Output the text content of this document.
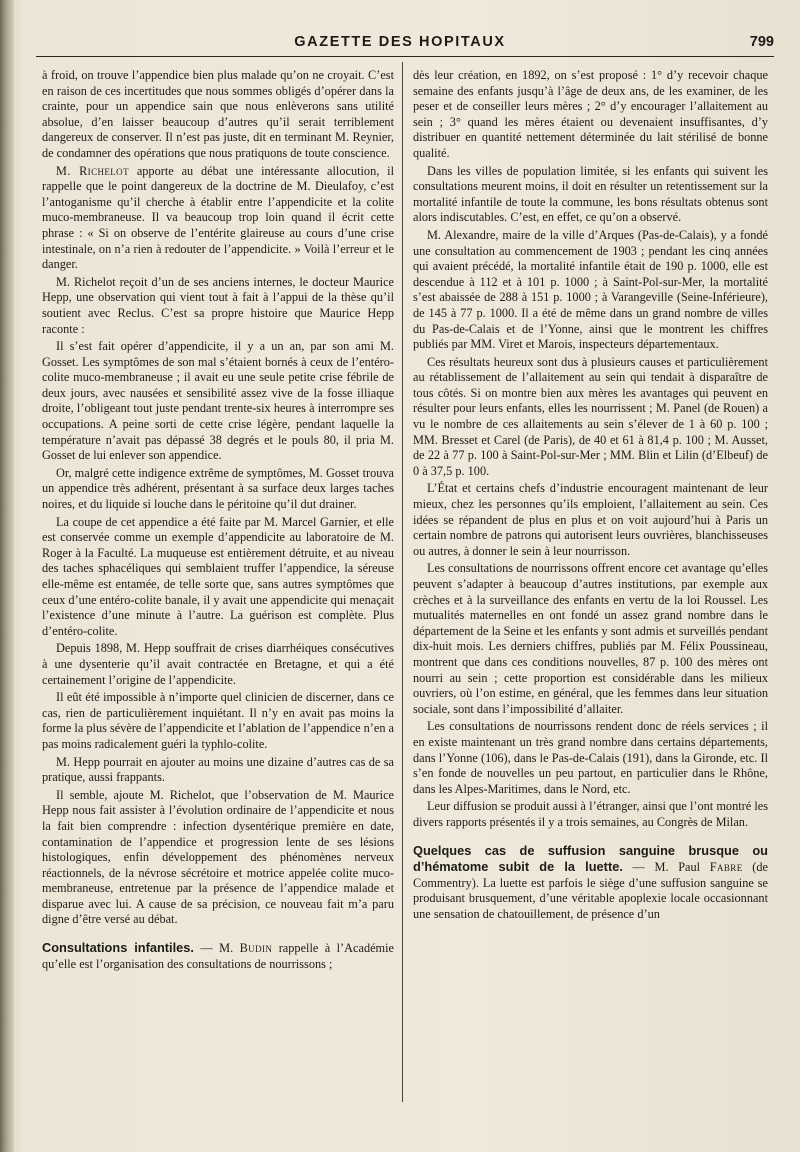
GAZETTE DES HOPITAUX	799

à froid, on trouve l’appendice bien plus malade qu’on ne croyait. C’est en raison de ces incertitudes que nous sommes obligés d’opérer dans la crainte, pour un appendice sain que nous enlèverons sans utilité absolue, d’en laisser beaucoup d’autres qu’il serait terriblement dangereux de conserver. Il n’est pas juste, dit en terminant M. Reynier, de condamner des opérations que nous pratiquons de toute conscience.

M. Richelot apporte au débat une intéressante allocution, il rappelle que le point dangereux de la doctrine de M. Dieulafoy, c’est l’antoganisme qu’il cherche à établir entre l’appendicite et la colite muco-membraneuse. Il va beaucoup trop loin quand il écrit cette phrase : « Si on observe de l’entérite glaireuse au cours d’une crise intestinale, on n’a rien à redouter de l’appendicite. » Voilà l’erreur et le danger.

M. Richelot reçoit d’un de ses anciens internes, le docteur Maurice Hepp, une observation qui vient tout à fait à l’appui de la thèse qu’il soutient avec Reclus. C’est sa propre histoire que Maurice Hepp raconte :

Il s’est fait opérer d’appendicite, il y a un an, par son ami M. Gosset. Les symptômes de son mal s’étaient bornés à ceux de l’entéro-colite muco-membraneuse ; il avait eu une seule petite crise fébrile de deux jours, avec nausées et sensibilité assez vive de la fosse illiaque droite, l’obligeant tout juste pendant trente-six heures à interrompre ses occupations. A peine sorti de cette crise légère, pendant laquelle la température n’avait pas dépassé 38 degrés et le pouls 80, il pria M. Gosset de lui enlever son appendice.

Or, malgré cette indigence extrême de symptômes, M. Gosset trouva un appendice très adhérent, présentant à sa surface deux larges taches noires, et du liquide si louche dans le péritoine qu’il dut drainer.

La coupe de cet appendice a été faite par M. Marcel Garnier, et elle est conservée comme un exemple d’appendicite au laboratoire de M. Roger à la Faculté. La muqueuse est entièrement détruite, et au niveau des taches sphacéliques qui semblaient truffer l’appendice, la séreuse elle-même est entamée, de telle sorte que, sans autres symptômes que ceux d’une entéro-colite banale, il y avait une appendicite qui menaçait l’existence d’une minute à l’autre. La guérison est complète. Plus d’entéro-colite.

Depuis 1898, M. Hepp souffrait de crises diarrhéiques consécutives à une dysenterie qu’il avait contractée en Bretagne, et qui a été certainement l’origine de l’appendicite.

Il eût été impossible à n’importe quel clinicien de discerner, dans ce cas, rien de particulièrement inquiétant. Il n’y en avait pas moins la forme la plus sévère de l’appendicite et l’ablation de l’appendice n’en a pas moins radicalement guéri la typhlo-colite.

M. Hepp pourrait en ajouter au moins une dizaine d’autres cas de sa pratique, aussi frappants.

Il semble, ajoute M. Richelot, que l’observation de M. Maurice Hepp nous fait assister à l’évolution ordinaire de l’appendicite et nous la fait bien comprendre : infection dysentérique première en date, contamination de l’appendice et progression lente de ses lésions histologiques, enfin développement des phénomènes nerveux réactionnels, de la névrose sécrétoire et motrice appelée colite muco-membraneuse, entretenue par la présence de l’appendice malade et disparue avec lui. A cause de sa précision, ce nouveau fait m’a paru digne d’être versé au débat.

Consultations infantiles. — M. Budin rappelle à l’Académie qu’elle est l’organisation des consultations de nourrissons ;

dès leur création, en 1892, on s’est proposé : 1° d’y recevoir chaque semaine des enfants jusqu’à l’âge de deux ans, de les examiner, de les peser et de conseiller leurs mères ; 2° d’y encourager l’allaitement au sein ; 3° quand les mères étaient ou devenaient insuffisantes, d’y distribuer en quantité nettement déterminée du lait stérilisé de bonne qualité.

Dans les villes de population limitée, si les enfants qui suivent les consultations meurent moins, il doit en résulter un retentissement sur la mortalité infantile de toute la commune, les bons résultats obtenus sont alors indiscutables. C’est, en effet, ce qu’on a observé.

M. Alexandre, maire de la ville d’Arques (Pas-de-Calais), y a fondé une consultation au commencement de 1903 ; pendant les cinq années qui avaient précédé, la mortalité infantile était de 190 p. 1000, elle est descendue à 112 et à 101 p. 1000 ; à Saint-Pol-sur-Mer, la mortalité s’est abaissée de 288 à 151 p. 1000 ; à Varangeville (Seine-Inférieure), de 145 à 77 p. 1000. Il a été de même dans un grand nombre de villes du Pas-de-Calais et de l’Yonne, ainsi que le montrent les chiffres publiés par MM. Viret et Marois, inspecteurs départementaux.

Ces résultats heureux sont dus à plusieurs causes et particulièrement au rétablissement de l’allaitement au sein qui tendait à disparaître de tous côtés. Si on montre bien aux mères les avantages qui peuvent en résulter pour leurs enfants, elles les nourrissent ; M. Panel (de Rouen) a vu le nombre de ces allaitements au sein s’élever de 1 à 60 p. 100 ; MM. Bresset et Carel (de Paris), de 40 et 61 à 81,4 p. 100 ; M. Ausset, de 22 à 77 p. 100 à Saint-Pol-sur-Mer ; MM. Blin et Lilin (d’Elbeuf) de 0 à 37,5 p. 100.

L’État et certains chefs d’industrie encouragent maintenant de leur mieux, chez les personnes qu’ils emploient, l’allaitement au sein. Ces idées se répandent de plus en plus et on voit aujourd’hui à Paris un certain nombre de patrons qui autorisent leurs ouvrières, blanchisseuses ou autres, à donner le sein à leur nourrisson.

Les consultations de nourrissons offrent encore cet avantage qu’elles peuvent s’adapter à beaucoup d’autres institutions, par exemple aux crèches et à la surveillance des enfants en vertu de la loi Roussel. Les mutualités maternelles en ont fondé un assez grand nombre dans le département de la Seine et les enfants y sont admis et surveillés pendant dix-huit mois. Les derniers chiffres, publiés par M. Félix Poussineau, montrent que dans ces conditions nouvelles, 87 p. 100 des mères ont nourri au sein ; cette proportion est considérable dans les milieux ouvriers, où l’on estime, en général, que les femmes dans leur situation sociale, sont dans l’impossibilité d’allaiter.

Les consultations de nourrissons rendent donc de réels services ; il en existe maintenant un très grand nombre dans certains départements, dans l’Yonne (106), dans le Pas-de-Calais (191), dans la Gironde, etc. Il s’en fonde de nouvelles un peu partout, en particulier dans le Rhône, dans les Alpes-Maritimes, dans le Nord, etc.

Leur diffusion se produit aussi à l’étranger, ainsi que l’ont montré les divers rapports présentés il y a trois semaines, au Congrès de Milan.

Quelques cas de suffusion sanguine brusque ou d’hématome subit de la luette. — M. Paul Fabre (de Commentry). La luette est parfois le siège d’une suffusion sanguine se produisant brusquement, d’une véritable apoplexie locale occasionnant une sensation de chatouillement, de présence d’un
